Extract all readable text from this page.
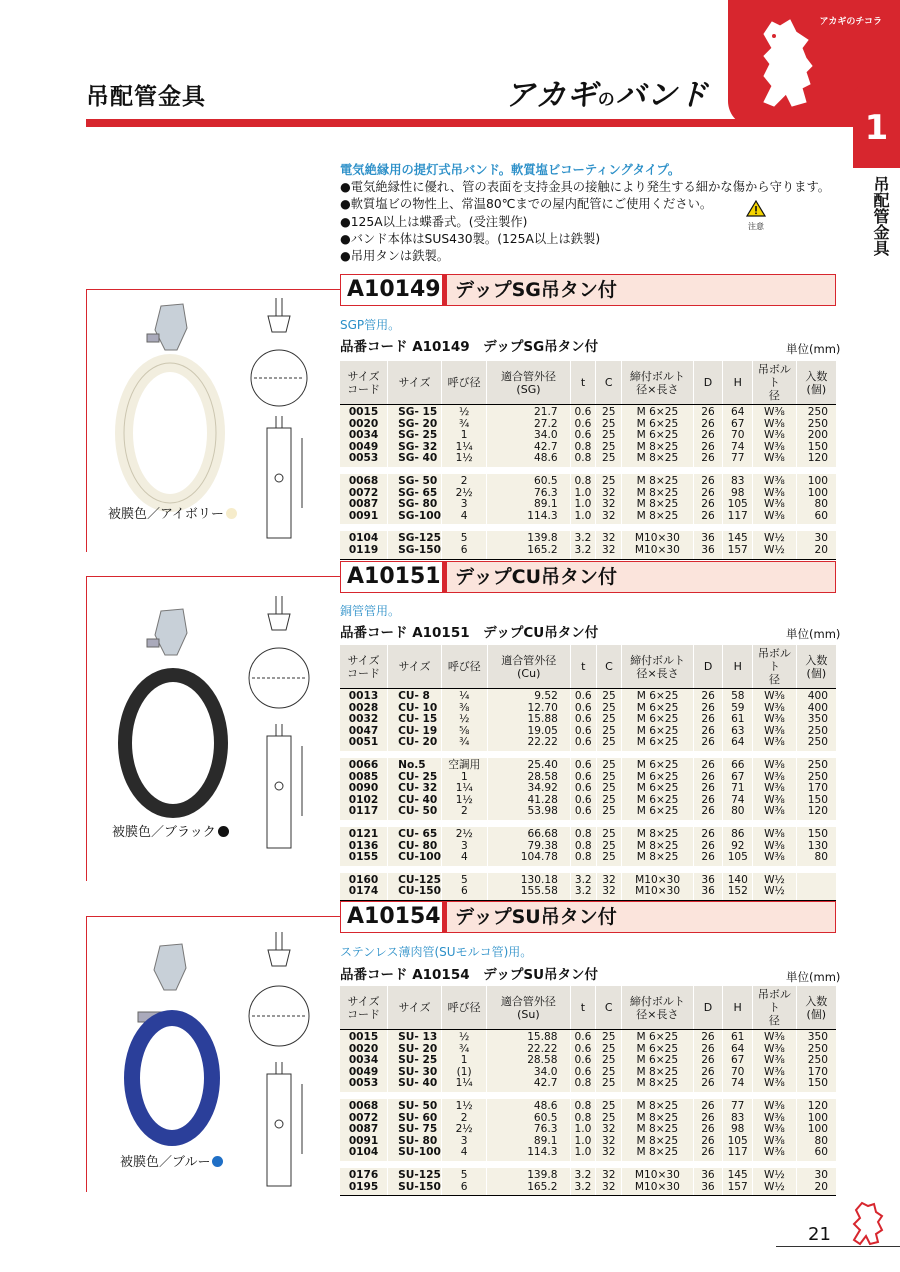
吊配管金具	アカギのバンド
アカギのチコラ
1
吊配管金具
電気絶縁用の提灯式吊バンド。軟質塩ビコーティングタイプ。
●電気絶縁性に優れ、管の表面を支持金具の接触により発生する細かな傷から守ります。
●軟質塩ビの物性上、常温80℃までの屋内配管にご使用ください。
●125A以上は蝶番式。(受注製作)
●バンド本体はSUS430製。(125A以上は鉄製)
●吊用タンは鉄製。
注意
A10149 デップSG吊タン付
SGP管用。
品番コード A10149　デップSG吊タン付	単位(mm)
被膜色／アイボリー
サイズ
コード	サイズ	呼び径	適合管外径
(SG)	t	C	締付ボルト
径×長さ	D	H	吊ボルト
径	入数
(個)
0015	SG- 15	½	21.7	0.6	25	M 6×25	26	64	W⅜	250
0020	SG- 20	¾	27.2	0.6	25	M 6×25	26	67	W⅜	250
0034	SG- 25	1	34.0	0.6	25	M 6×25	26	70	W⅜	200
0049	SG- 32	1¼	42.7	0.8	25	M 8×25	26	74	W⅜	150
0053	SG- 40	1½	48.6	0.8	25	M 8×25	26	77	W⅜	120

0068	SG- 50	2	60.5	0.8	25	M 8×25	26	83	W⅜	100
0072	SG- 65	2½	76.3	1.0	32	M 8×25	26	98	W⅜	100
0087	SG- 80	3	89.1	1.0	32	M 8×25	26	105	W⅜	80
0091	SG-100	4	114.3	1.0	32	M 8×25	26	117	W⅜	60

0104	SG-125	5	139.8	3.2	32	M10×30	36	145	W½	30
0119	SG-150	6	165.2	3.2	32	M10×30	36	157	W½	20
A10151 デップCU吊タン付
銅管管用。
品番コード A10151　デップCU吊タン付	単位(mm)
被膜色／ブラック
サイズ
コード	サイズ	呼び径	適合管外径
(Cu)	t	C	締付ボルト
径×長さ	D	H	吊ボルト
径	入数
(個)
0013	CU- 8	¼	9.52	0.6	25	M 6×25	26	58	W⅜	400
0028	CU- 10	⅜	12.70	0.6	25	M 6×25	26	59	W⅜	400
0032	CU- 15	½	15.88	0.6	25	M 6×25	26	61	W⅜	350
0047	CU- 19	⅝	19.05	0.6	25	M 6×25	26	63	W⅜	250
0051	CU- 20	¾	22.22	0.6	25	M 6×25	26	64	W⅜	250

0066	No.5	空調用	25.40	0.6	25	M 6×25	26	66	W⅜	250
0085	CU- 25	1	28.58	0.6	25	M 6×25	26	67	W⅜	250
0090	CU- 32	1¼	34.92	0.6	25	M 6×25	26	71	W⅜	170
0102	CU- 40	1½	41.28	0.6	25	M 6×25	26	74	W⅜	150
0117	CU- 50	2	53.98	0.6	25	M 6×25	26	80	W⅜	120

0121	CU- 65	2½	66.68	0.8	25	M 8×25	26	86	W⅜	150
0136	CU- 80	3	79.38	0.8	25	M 8×25	26	92	W⅜	130
0155	CU-100	4	104.78	0.8	25	M 8×25	26	105	W⅜	80

0160	CU-125	5	130.18	3.2	32	M10×30	36	140	W½	
0174	CU-150	6	155.58	3.2	32	M10×30	36	152	W½	
A10154 デップSU吊タン付
ステンレス薄肉管(SUモルコ管)用。
品番コード A10154　デップSU吊タン付	単位(mm)
被膜色／ブルー
サイズ
コード	サイズ	呼び径	適合管外径
(Su)	t	C	締付ボルト
径×長さ	D	H	吊ボルト
径	入数
(個)
0015	SU- 13	½	15.88	0.6	25	M 6×25	26	61	W⅜	350
0020	SU- 20	¾	22.22	0.6	25	M 6×25	26	64	W⅜	250
0034	SU- 25	1	28.58	0.6	25	M 6×25	26	67	W⅜	250
0049	SU- 30	(1)	34.0	0.6	25	M 8×25	26	70	W⅜	170
0053	SU- 40	1¼	42.7	0.8	25	M 8×25	26	74	W⅜	150

0068	SU- 50	1½	48.6	0.8	25	M 8×25	26	77	W⅜	120
0072	SU- 60	2	60.5	0.8	25	M 8×25	26	83	W⅜	100
0087	SU- 75	2½	76.3	1.0	32	M 8×25	26	98	W⅜	100
0091	SU- 80	3	89.1	1.0	32	M 8×25	26	105	W⅜	80
0104	SU-100	4	114.3	1.0	32	M 8×25	26	117	W⅜	60

0176	SU-125	5	139.8	3.2	32	M10×30	36	145	W½	30
0195	SU-150	6	165.2	3.2	32	M10×30	36	157	W½	20
21
